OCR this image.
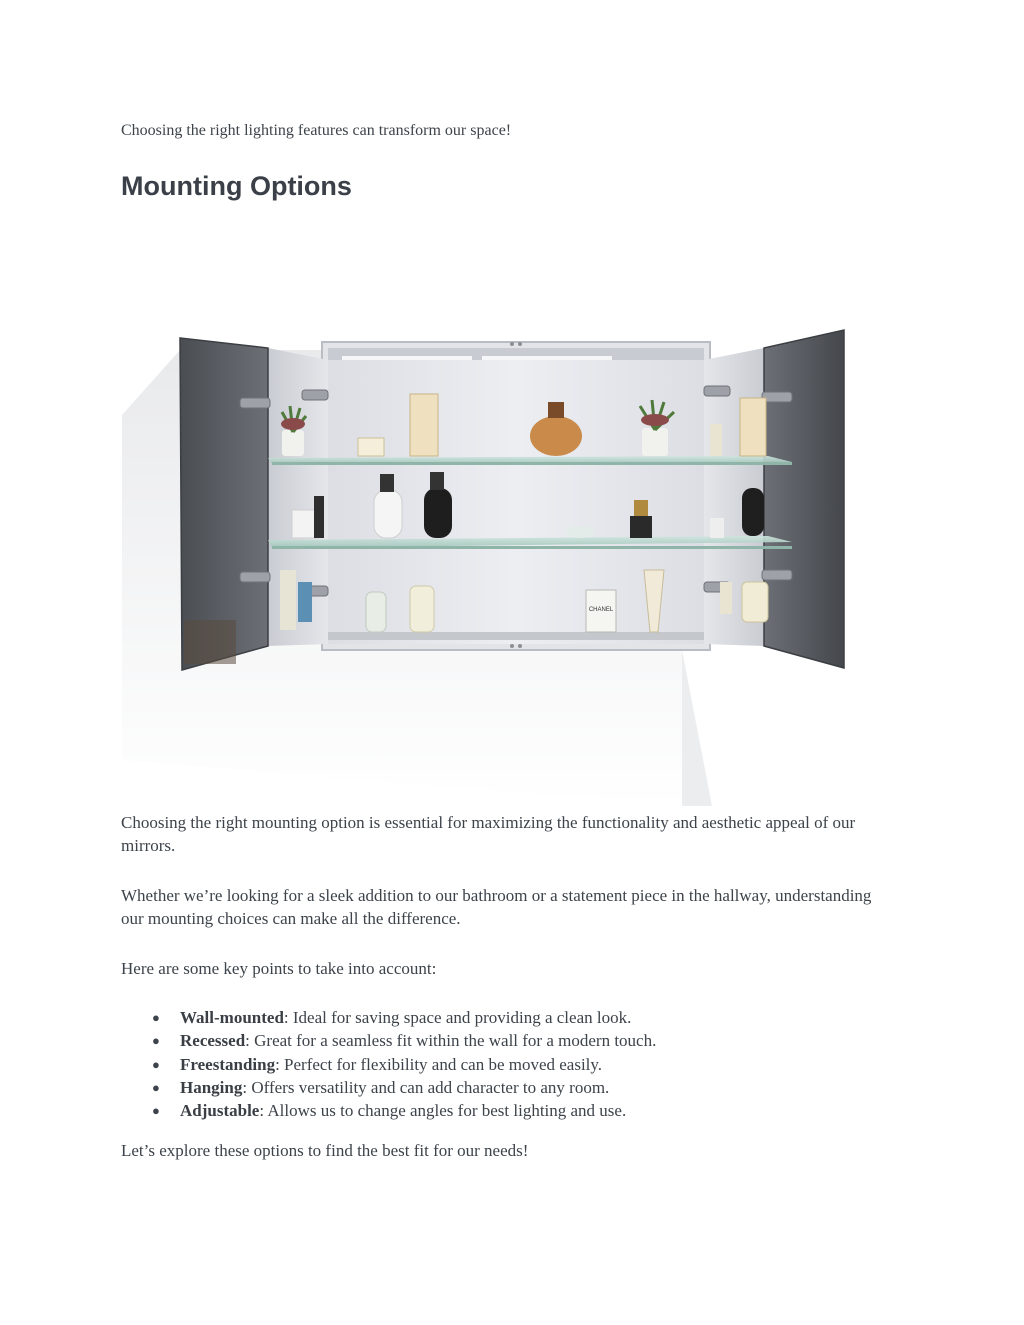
Choosing the right lighting features can transform our space!

Mounting Options
CHANEL

Choosing the right mounting option is essential for maximizing the functionality and aesthetic appeal of our mirrors.

Whether we’re looking for a sleek addition to our bathroom or a statement piece in the hallway, understanding our mounting choices can make all the difference.

Here are some key points to take into account:

● Wall-mounted: Ideal for saving space and providing a clean look.
● Recessed: Great for a seamless fit within the wall for a modern touch.
● Freestanding: Perfect for flexibility and can be moved easily.
● Hanging: Offers versatility and can add character to any room.
● Adjustable: Allows us to change angles for best lighting and use.

Let’s explore these options to find the best fit for our needs!
